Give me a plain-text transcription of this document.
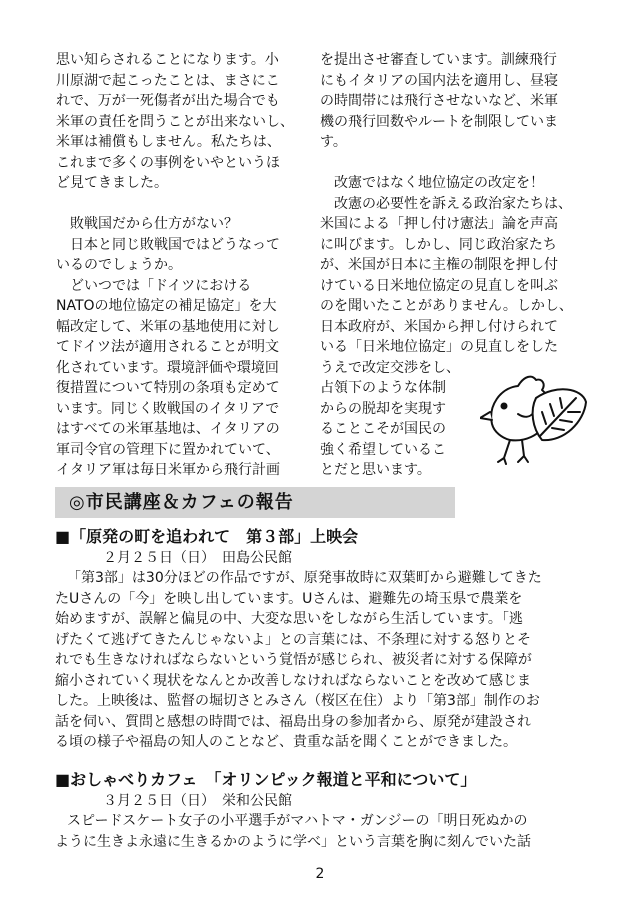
思い知らされることになります。小

川原湖で起こったことは、まさにこ

れで、万が一死傷者が出た場合でも

米軍の責任を問うことが出来ないし、

米軍は補償もしません。私たちは、

これまで多くの事例をいやというほ

ど見てきました。

敗戦国だから仕方がない？

日本と同じ敗戦国ではどうなって

いるのでしょうか。

どいつでは「ドイツにおける

NATOの地位協定の補足協定」を大

幅改定して、米軍の基地使用に対し

てドイツ法が適用されることが明文

化されています。環境評価や環境回

復措置について特別の条項も定めて

います。同じく敗戦国のイタリアで

はすべての米軍基地は、イタリアの

軍司令官の管理下に置かれていて、

イタリア軍は毎日米軍から飛行計画

を提出させ審査しています。訓練飛行

にもイタリアの国内法を適用し、昼寝

の時間帯には飛行させないなど、米軍

機の飛行回数やルートを制限していま

す。

改憲ではなく地位協定の改定を！

改憲の必要性を訴える政治家たちは、

米国による「押し付け憲法」論を声高

に叫びます。しかし、同じ政治家たち

が、米国が日本に主権の制限を押し付

けている日米地位協定の見直しを叫ぶ

のを聞いたことがありません。しかし、

日本政府が、米国から押し付けられて

いる「日米地位協定」の見直しをした

うえで改定交渉をし、

占領下のような体制

からの脱却を実現す

ることこそが国民の

強く希望しているこ

とだと思います。

◎市民講座＆カフェの報告

■「原発の町を追われて　第３部」上映会

２月２５日（日）　田島公民館

「第3部」は30分ほどの作品ですが、原発事故時に双葉町から避難してきた

たUさんの「今」を映し出しています。Uさんは、避難先の埼玉県で農業を

始めますが、誤解と偏見の中、大変な思いをしながら生活しています。「逃

げたくて逃げてきたんじゃないよ」との言葉には、不条理に対する怒りとそ

れでも生きなければならないという覚悟が感じられ、被災者に対する保障が

縮小されていく現状をなんとか改善しなければならないことを改めて感じま

した。上映後は、監督の堀切さとみさん（桜区在住）より「第3部」制作のお

話を伺い、質問と感想の時間では、福島出身の参加者から、原発が建設され

る頃の様子や福島の知人のことなど、貴重な話を聞くことができました。

■おしゃべりカフェ　「オリンピック報道と平和について」

３月２５日（日）　栄和公民館

スピードスケート女子の小平選手がマハトマ・ガンジーの「明日死ぬかの

ように生きよ永遠に生きるかのように学べ」という言葉を胸に刻んでいた話

2
